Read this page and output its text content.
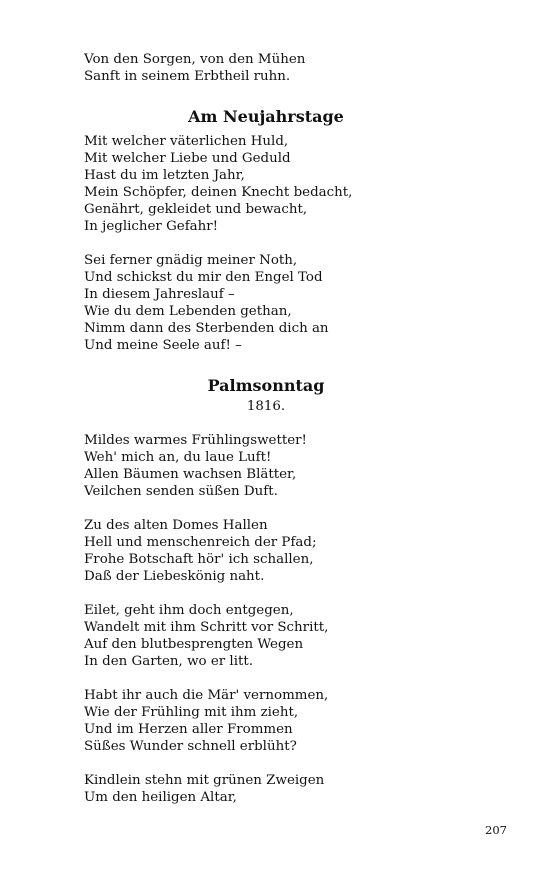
Von den Sorgen, von den Mühen
Sanft in seinem Erbtheil ruhn.
Am Neujahrstage
Mit welcher väterlichen Huld,
Mit welcher Liebe und Geduld
Hast du im letzten Jahr,
Mein Schöpfer, deinen Knecht bedacht,
Genährt, gekleidet und bewacht,
In jeglicher Gefahr!
Sei ferner gnädig meiner Noth,
Und schickst du mir den Engel Tod
In diesem Jahreslauf –
Wie du dem Lebenden gethan,
Nimm dann des Sterbenden dich an
Und meine Seele auf! –
Palmsonntag
1816.
Mildes warmes Frühlingswetter!
Weh' mich an, du laue Luft!
Allen Bäumen wachsen Blätter,
Veilchen senden süßen Duft.
Zu des alten Domes Hallen
Hell und menschenreich der Pfad;
Frohe Botschaft hör' ich schallen,
Daß der Liebeskönig naht.
Eilet, geht ihm doch entgegen,
Wandelt mit ihm Schritt vor Schritt,
Auf den blutbesprengten Wegen
In den Garten, wo er litt.
Habt ihr auch die Mär' vernommen,
Wie der Frühling mit ihm zieht,
Und im Herzen aller Frommen
Süßes Wunder schnell erblüht?
Kindlein stehn mit grünen Zweigen
Um den heiligen Altar,
207
